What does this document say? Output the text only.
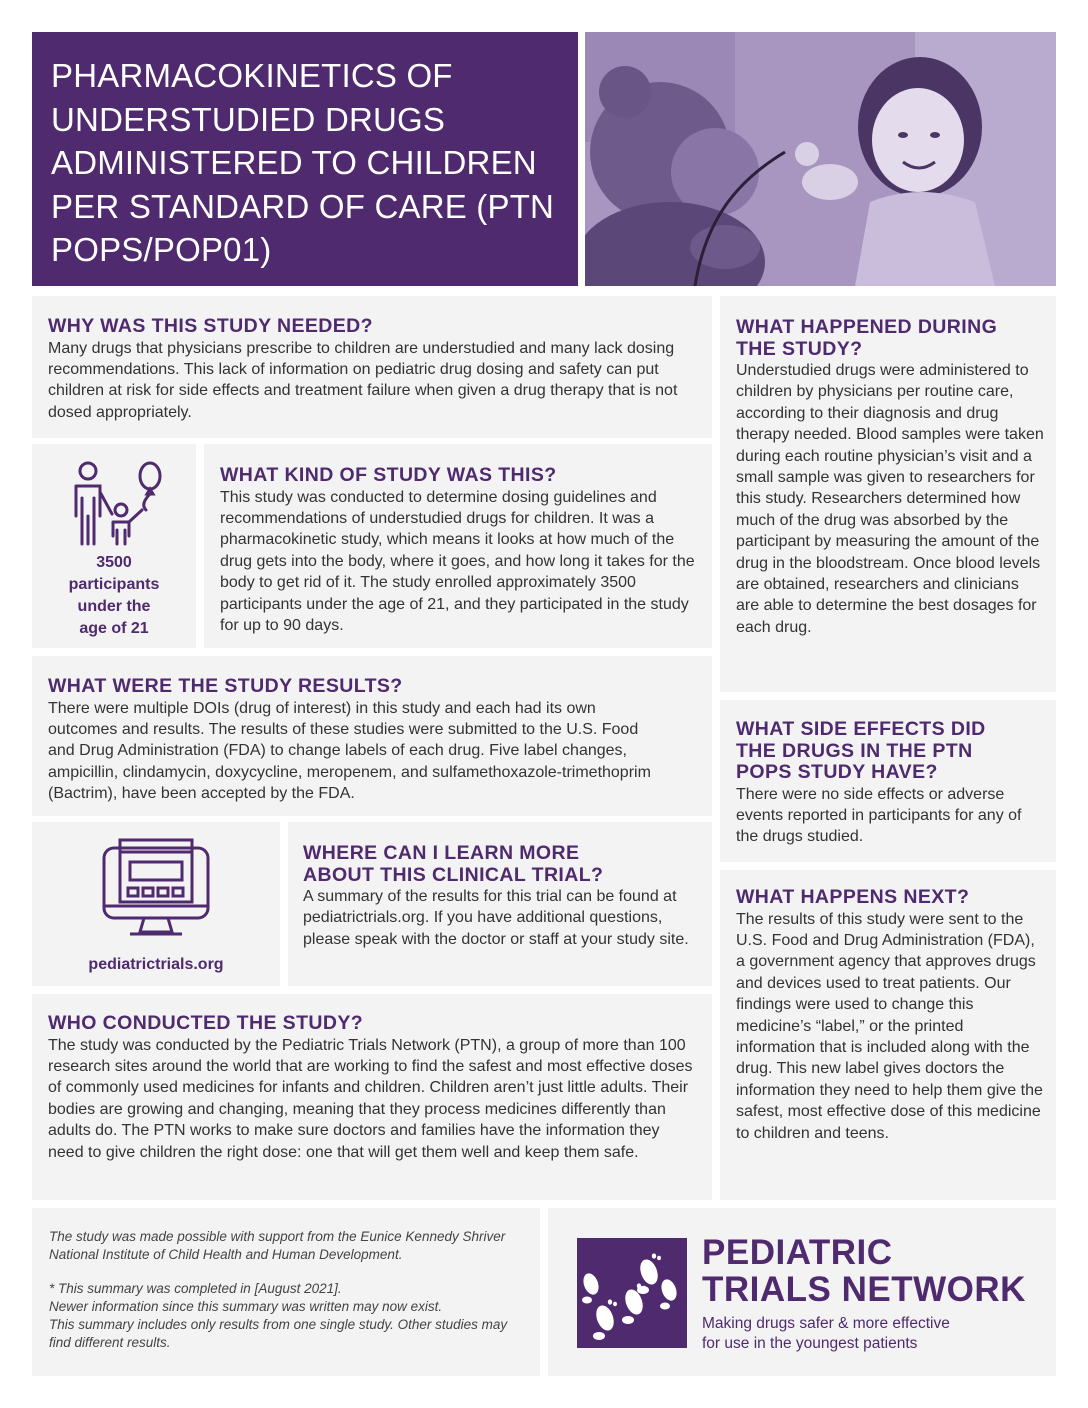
PHARMACOKINETICS OF UNDERSTUDIED DRUGS ADMINISTERED TO CHILDREN PER STANDARD OF CARE (PTN POPS/POP01)
WHY WAS THIS STUDY NEEDED?

Many drugs that physicians prescribe to children are understudied and many lack dosing recommendations. This lack of information on pediatric drug dosing and safety can put children at risk for side effects and treatment failure when given a drug therapy that is not dosed appropriately.

3500
participants
under the
age of 21
WHAT KIND OF STUDY WAS THIS?

This study was conducted to determine dosing guidelines and recommendations of understudied drugs for children. It was a pharmacokinetic study, which means it looks at how much of the drug gets into the body, where it goes, and how long it takes for the body to get rid of it. The study enrolled approximately 3500 participants under the age of 21, and they participated in the study for up to 90 days.

WHAT WERE THE STUDY RESULTS?

There were multiple DOIs (drug of interest) in this study and each had its own outcomes and results. The results of these studies were submitted to the U.S. Food and Drug Administration (FDA) to change labels of each drug. Five label changes, ampicillin, clindamycin, doxycycline, meropenem, and sulfamethoxazole-trimethoprim (Bactrim), have been accepted by the FDA.

pediatrictrials.org
WHERE CAN I LEARN MORE
ABOUT THIS CLINICAL TRIAL?

A summary of the results for this trial can be found at pediatrictrials.org. If you have additional questions, please speak with the doctor or staff at your study site.

WHO CONDUCTED THE STUDY?

The study was conducted by the Pediatric Trials Network (PTN), a group of more than 100 research sites around the world that are working to find the safest and most effective doses of commonly used medicines for infants and children. Children aren’t just little adults. Their bodies are growing and changing, meaning that they process medicines differently than adults do. The PTN works to make sure doctors and families have the information they need to give children the right dose: one that will get them well and keep them safe.

WHAT HAPPENED DURING
THE STUDY?

Understudied drugs were administered to children by physicians per routine care, according to their diagnosis and drug therapy needed. Blood samples were taken during each routine physician’s visit and a small sample was given to researchers for this study. Researchers determined how much of the drug was absorbed by the participant by measuring the amount of the drug in the bloodstream. Once blood levels are obtained, researchers and clinicians are able to determine the best dosages for each drug.

WHAT SIDE EFFECTS DID
THE DRUGS IN THE PTN
POPS STUDY HAVE?

There were no side effects or adverse events reported in participants for any of the drugs studied.

WHAT HAPPENS NEXT?

The results of this study were sent to the U.S. Food and Drug Administration (FDA), a government agency that approves drugs and devices used to treat patients. Our findings were used to change this medicine’s “label,” or the printed information that is included along with the drug. This new label gives doctors the information they need to help them give the safest, most effective dose of this medicine to children and teens.

The study was made possible with support from the Eunice Kennedy Shriver National Institute of Child Health and Human Development.

* This summary was completed in [August 2021].

Newer information since this summary was written may now exist.

This summary includes only results from one single study. Other studies may find different results.

PEDIATRIC
TRIALS NETWORK
Making drugs safer & more effective
for use in the youngest patients
